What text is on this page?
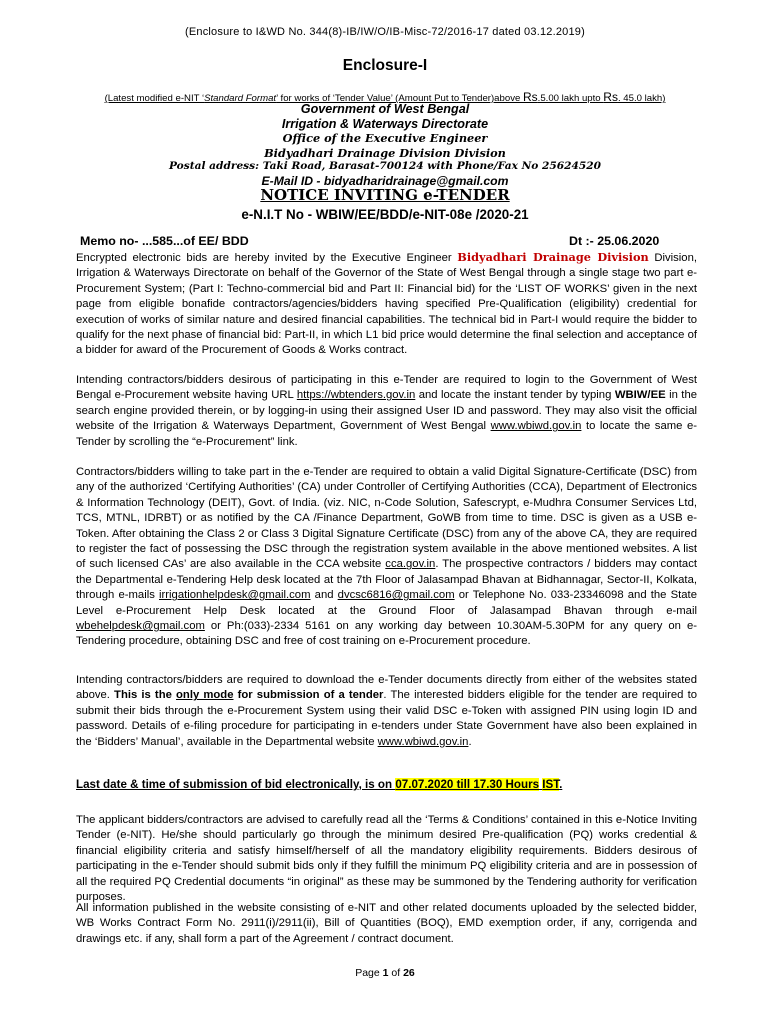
(Enclosure to I&WD No. 344(8)-IB/IW/O/IB-Misc-72/2016-17 dated 03.12.2019)
Enclosure-I
(Latest modified e-NIT ‘Standard Format’ for works of ‘Tender Value’ (Amount Put to Tender)above Rs.5.00 lakh upto Rs. 45.0 lakh)
Government of West Bengal
Irrigation & Waterways Directorate
Office of the Executive Engineer
Bidyadhari Drainage Division Division
Postal address: Taki Road, Barasat-700124 with Phone/Fax No 25624520
E-Mail ID - bidyadharidrainage@gmail.com
NOTICE INVITING e-TENDER
e-N.I.T No - WBIW/EE/BDD/e-NIT-08e /2020-21
Memo no- ...585...of EE/ BDD	Dt :- 25.06.2020
Encrypted electronic bids are hereby invited by the Executive Engineer Bidyadhari Drainage Division Division, Irrigation & Waterways Directorate on behalf of the Governor of the State of West Bengal through a single stage two part e-Procurement System; (Part I: Techno-commercial bid and Part II: Financial bid) for the ‘LIST OF WORKS’ given in the next page from eligible bonafide contractors/agencies/bidders having specified Pre-Qualification (eligibility) credential for execution of works of similar nature and desired financial capabilities. The technical bid in Part-I would require the bidder to qualify for the next phase of financial bid: Part-II, in which L1 bid price would determine the final selection and acceptance of a bidder for award of the Procurement of Goods & Works contract.
Intending contractors/bidders desirous of participating in this e-Tender are required to login to the Government of West Bengal e-Procurement website having URL https://wbtenders.gov.in and locate the instant tender by typing WBIW/EE in the search engine provided therein, or by logging-in using their assigned User ID and password. They may also visit the official website of the Irrigation & Waterways Department, Government of West Bengal www.wbiwd.gov.in to locate the same e-Tender by scrolling the “e-Procurement” link.
Contractors/bidders willing to take part in the e-Tender are required to obtain a valid Digital Signature-Certificate (DSC) from any of the authorized ‘Certifying Authorities’ (CA) under Controller of Certifying Authorities (CCA), Department of Electronics & Information Technology (DEIT), Govt. of India. (viz. NIC, n-Code Solution, Safescrypt, e-Mudhra Consumer Services Ltd, TCS, MTNL, IDRBT) or as notified by the CA /Finance Department, GoWB from time to time. DSC is given as a USB e-Token. After obtaining the Class 2 or Class 3 Digital Signature Certificate (DSC) from any of the above CA, they are required to register the fact of possessing the DSC through the registration system available in the above mentioned websites. A list of such licensed CAs’ are also available in the CCA website cca.gov.in. The prospective contractors / bidders may contact the Departmental e-Tendering Help desk located at the 7th Floor of Jalasampad Bhavan at Bidhannagar, Sector-II, Kolkata, through e-mails irrigationhelpdesk@gmail.com and dvcsc6816@gmail.com or Telephone No. 033-23346098 and the State Level e-Procurement Help Desk located at the Ground Floor of Jalasampad Bhavan through e-mail wbehelpdesk@gmail.com or Ph:(033)-2334 5161 on any working day between 10.30AM-5.30PM for any query on e-Tendering procedure, obtaining DSC and free of cost training on e-Procurement procedure.
Intending contractors/bidders are required to download the e-Tender documents directly from either of the websites stated above. This is the only mode for submission of a tender. The interested bidders eligible for the tender are required to submit their bids through the e-Procurement System using their valid DSC e-Token with assigned PIN using login ID and password. Details of e-filing procedure for participating in e-tenders under State Government have also been explained in the ‘Bidders’ Manual’, available in the Departmental website www.wbiwd.gov.in.
Last date & time of submission of bid electronically, is on 07.07.2020 till 17.30 Hours IST.
The applicant bidders/contractors are advised to carefully read all the ‘Terms & Conditions’ contained in this e-Notice Inviting Tender (e-NIT). He/she should particularly go through the minimum desired Pre-qualification (PQ) works credential & financial eligibility criteria and satisfy himself/herself of all the mandatory eligibility requirements. Bidders desirous of participating in the e-Tender should submit bids only if they fulfill the minimum PQ eligibility criteria and are in possession of all the required PQ Credential documents “in original” as these may be summoned by the Tendering authority for verification purposes.
All information published in the website consisting of e-NIT and other related documents uploaded by the selected bidder, WB Works Contract Form No. 2911(i)/2911(ii), Bill of Quantities (BOQ), EMD exemption order, if any, corrigenda and drawings etc. if any, shall form a part of the Agreement / contract document.
Page 1 of 26
